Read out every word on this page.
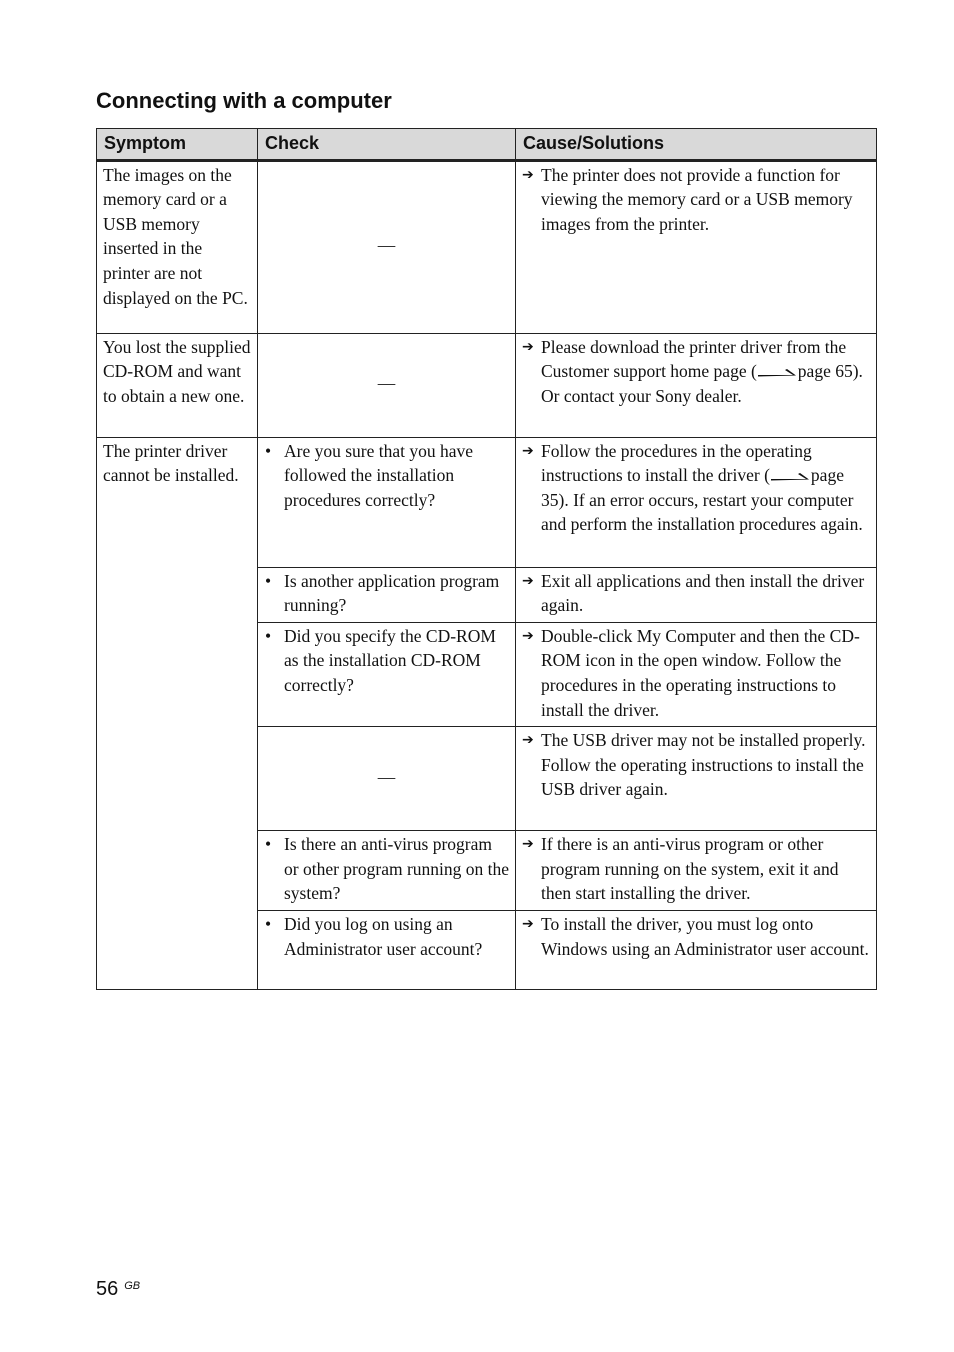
Connecting with a computer
Symptom	Check	Cause/Solutions
The images on the memory card or a USB memory inserted in the printer are not displayed on the PC.	—	➔ The printer does not provide a function for viewing the memory card or a USB memory images from the printer.

You lost the supplied CD-ROM and want to obtain a new one.	—	➔ Please download the printer driver from the Customer support home page ( page 65). Or contact your Sony dealer.

The printer driver cannot be installed.	• Are you sure that you have followed the installation procedures correctly?	➔ Follow the procedures in the operating instructions to install the driver ( page 35). If an error occurs, restart your computer and perform the installation procedures again.

	• Is another application program running?	➔ Exit all applications and then install the driver again.

	• Did you specify the CD-ROM as the installation CD-ROM correctly?	➔ Double-click My Computer and then the CD-ROM icon in the open window. Follow the procedures in the operating instructions to install the driver.

	—	➔ The USB driver may not be installed properly. Follow the operating instructions to install the USB driver again.

	• Is there an anti-virus program or other program running on the system?	➔ If there is an anti-virus program or other program running on the system, exit it and then start installing the driver.

	• Did you log on using an Administrator user account?	➔ To install the driver, you must log onto Windows using an Administrator user account.
56 $^{GB}$
